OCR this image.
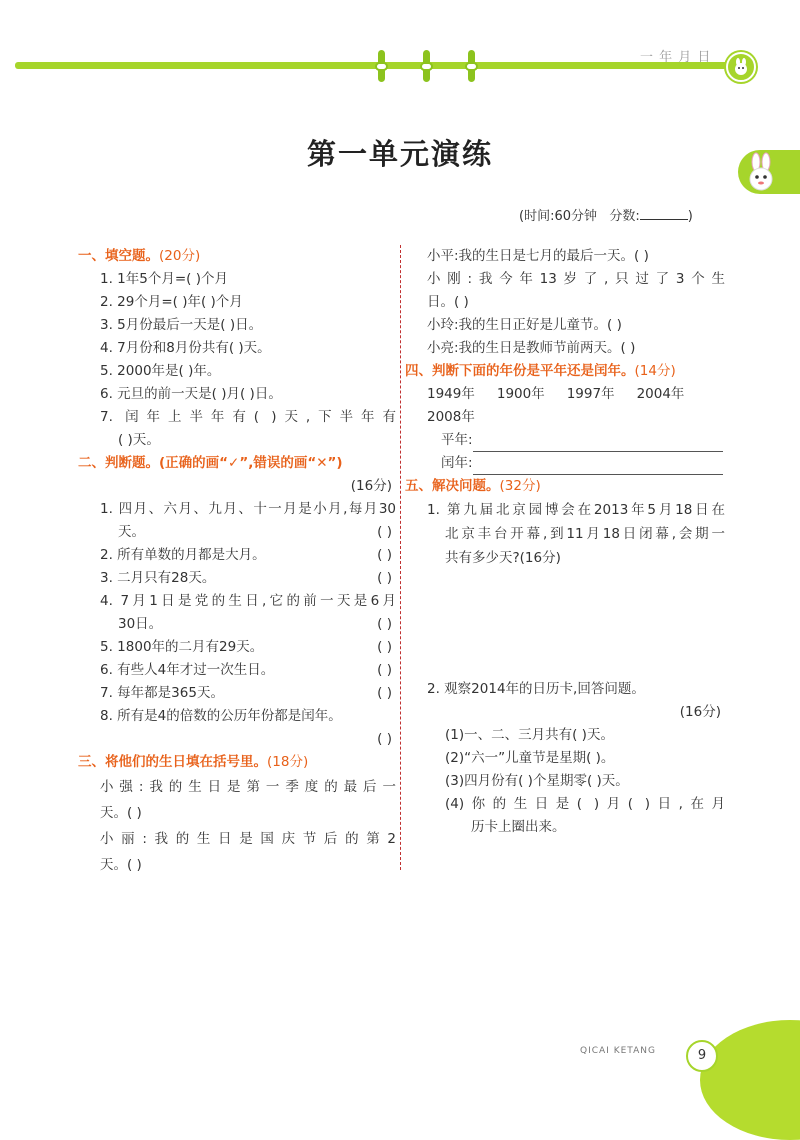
一 年 月 日
第一单元演练
(时间:60分钟 分数:	)
一、填空题。(20分)
1. 1年5个月=( )个月
2. 29个月=( )年( )个月
3. 5月份最后一天是( )日。
4. 7月份和8月份共有( )天。
5. 2000年是( )年。
6. 元旦的前一天是( )月( )日。
7. 闰年上半年有( )天,下半年有
( )天。
二、判断题。(正确的画“✓”,错误的画“✕”)
(16分)
1. 四月、六月、九月、十一月是小月,每月30
天。	( )
2. 所有单数的月都是大月。	( )
3. 二月只有28天。	( )
4. 7月1日是党的生日,它的前一天是6月
30日。	( )
5. 1800年的二月有29天。	( )
6. 有些人4年才过一次生日。	( )
7. 每年都是365天。	( )
8. 所有是4的倍数的公历年份都是闰年。

( )
三、将他们的生日填在括号里。(18分)
小强:我的生日是第一季度的最后一
天。( )
小丽:我的生日是国庆节后的第2
天。( )
小平:我的生日是七月的最后一天。( )
小刚:我今年13岁了,只过了3个生
日。( )
小玲:我的生日正好是儿童节。( )
小亮:我的生日是教师节前两天。( )
四、判断下面的年份是平年还是闰年。(14分)
1949年 1900年 1997年 2004年
2008年
平年:
闰年:
五、解决问题。(32分)
1. 第九届北京园博会在2013年5月18日在
北京丰台开幕,到11月18日闭幕,会期一
共有多少天?(16分)
2. 观察2014年的日历卡,回答问题。
(16分)
(1)一、二、三月共有( )天。
(2)“六一”儿童节是星期( )。
(3)四月份有( )个星期零( )天。
(4)你的生日是( )月( )日,在月
历卡上圈出来。
QICAI KETANG	9
